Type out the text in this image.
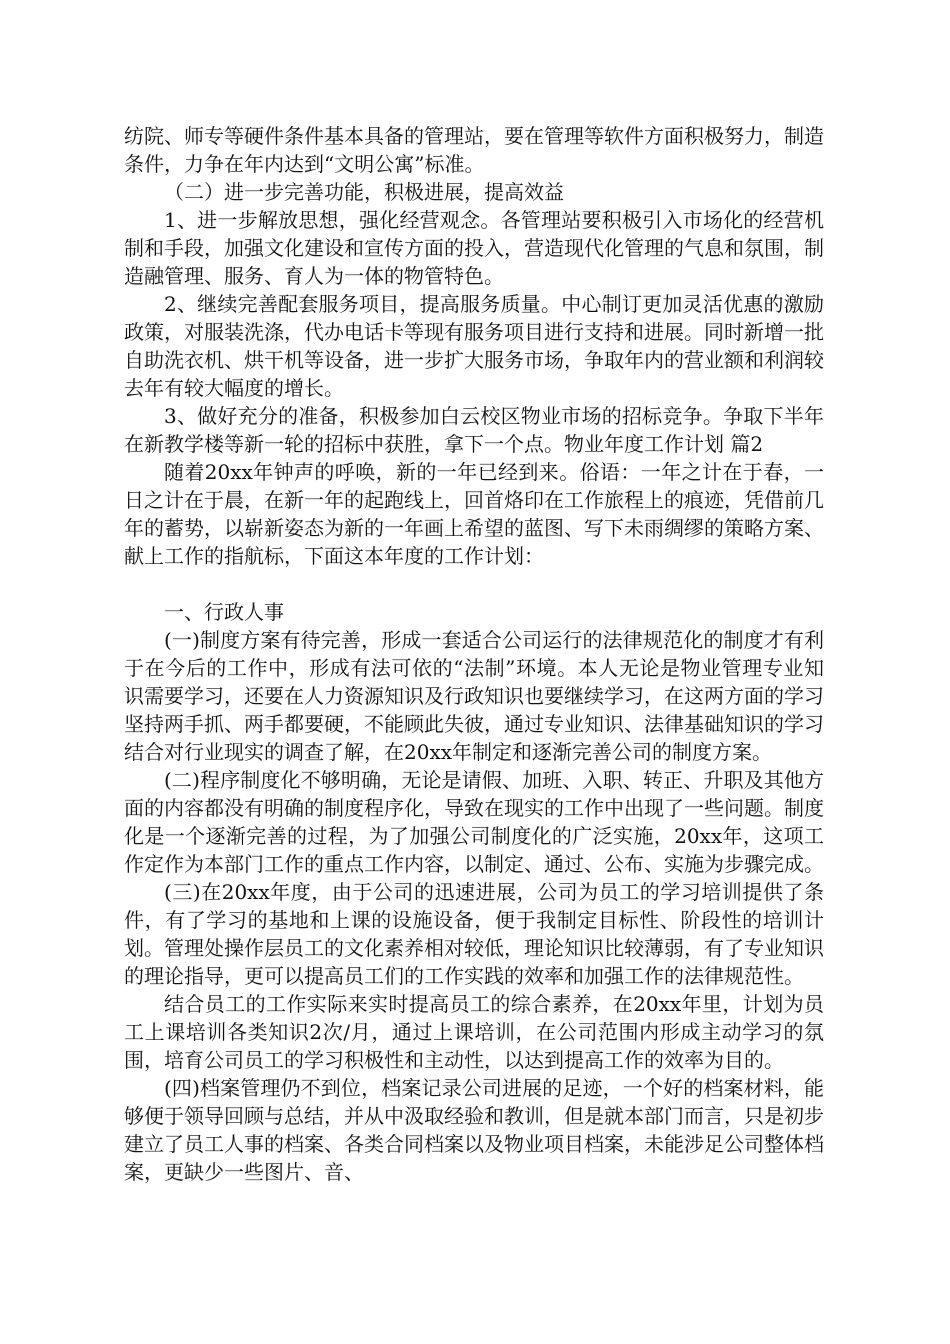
纺院、师专等硬件条件基本具备的管理站，要在管理等软件方面积极努力，制造条件，力争在年内达到“文明公寓”标准。

（二）进一步完善功能，积极进展，提高效益

1、进一步解放思想，强化经营观念。各管理站要积极引入市场化的经营机制和手段，加强文化建设和宣传方面的投入，营造现代化管理的气息和氛围，制造融管理、服务、育人为一体的物管特色。

2、继续完善配套服务项目，提高服务质量。中心制订更加灵活优惠的激励政策，对服装洗涤，代办电话卡等现有服务项目进行支持和进展。同时新增一批自助洗衣机、烘干机等设备，进一步扩大服务市场，争取年内的营业额和利润较去年有较大幅度的增长。

3、做好充分的准备，积极参加白云校区物业市场的招标竞争。争取下半年在新教学楼等新一轮的招标中获胜，拿下一个点。物业年度工作计划 篇2

随着20xx年钟声的呼唤，新的一年已经到来。俗语：一年之计在于春，一日之计在于晨，在新一年的起跑线上，回首烙印在工作旅程上的痕迹，凭借前几年的蓄势，以崭新姿态为新的一年画上希望的蓝图、写下未雨绸缪的策略方案、献上工作的指航标，下面这本年度的工作计划：

一、行政人事

(一)制度方案有待完善，形成一套适合公司运行的法律规范化的制度才有利于在今后的工作中，形成有法可依的“法制”环境。本人无论是物业管理专业知识需要学习，还要在人力资源知识及行政知识也要继续学习，在这两方面的学习坚持两手抓、两手都要硬，不能顾此失彼，通过专业知识、法律基础知识的学习结合对行业现实的调查了解，在20xx年制定和逐渐完善公司的制度方案。

(二)程序制度化不够明确，无论是请假、加班、入职、转正、升职及其他方面的内容都没有明确的制度程序化，导致在现实的工作中出现了一些问题。制度化是一个逐渐完善的过程，为了加强公司制度化的广泛实施，20xx年，这项工作定作为本部门工作的重点工作内容，以制定、通过、公布、实施为步骤完成。

(三)在20xx年度，由于公司的迅速进展，公司为员工的学习培训提供了条件，有了学习的基地和上课的设施设备，便于我制定目标性、阶段性的培训计划。管理处操作层员工的文化素养相对较低，理论知识比较薄弱，有了专业知识的理论指导，更可以提高员工们的工作实践的效率和加强工作的法律规范性。

结合员工的工作实际来实时提高员工的综合素养，在20xx年里，计划为员工上课培训各类知识2次/月，通过上课培训，在公司范围内形成主动学习的氛围，培育公司员工的学习积极性和主动性，以达到提高工作的效率为目的。

(四)档案管理仍不到位，档案记录公司进展的足迹，一个好的档案材料，能够便于领导回顾与总结，并从中汲取经验和教训，但是就本部门而言，只是初步建立了员工人事的档案、各类合同档案以及物业项目档案，未能涉足公司整体档案，更缺少一些图片、音、
